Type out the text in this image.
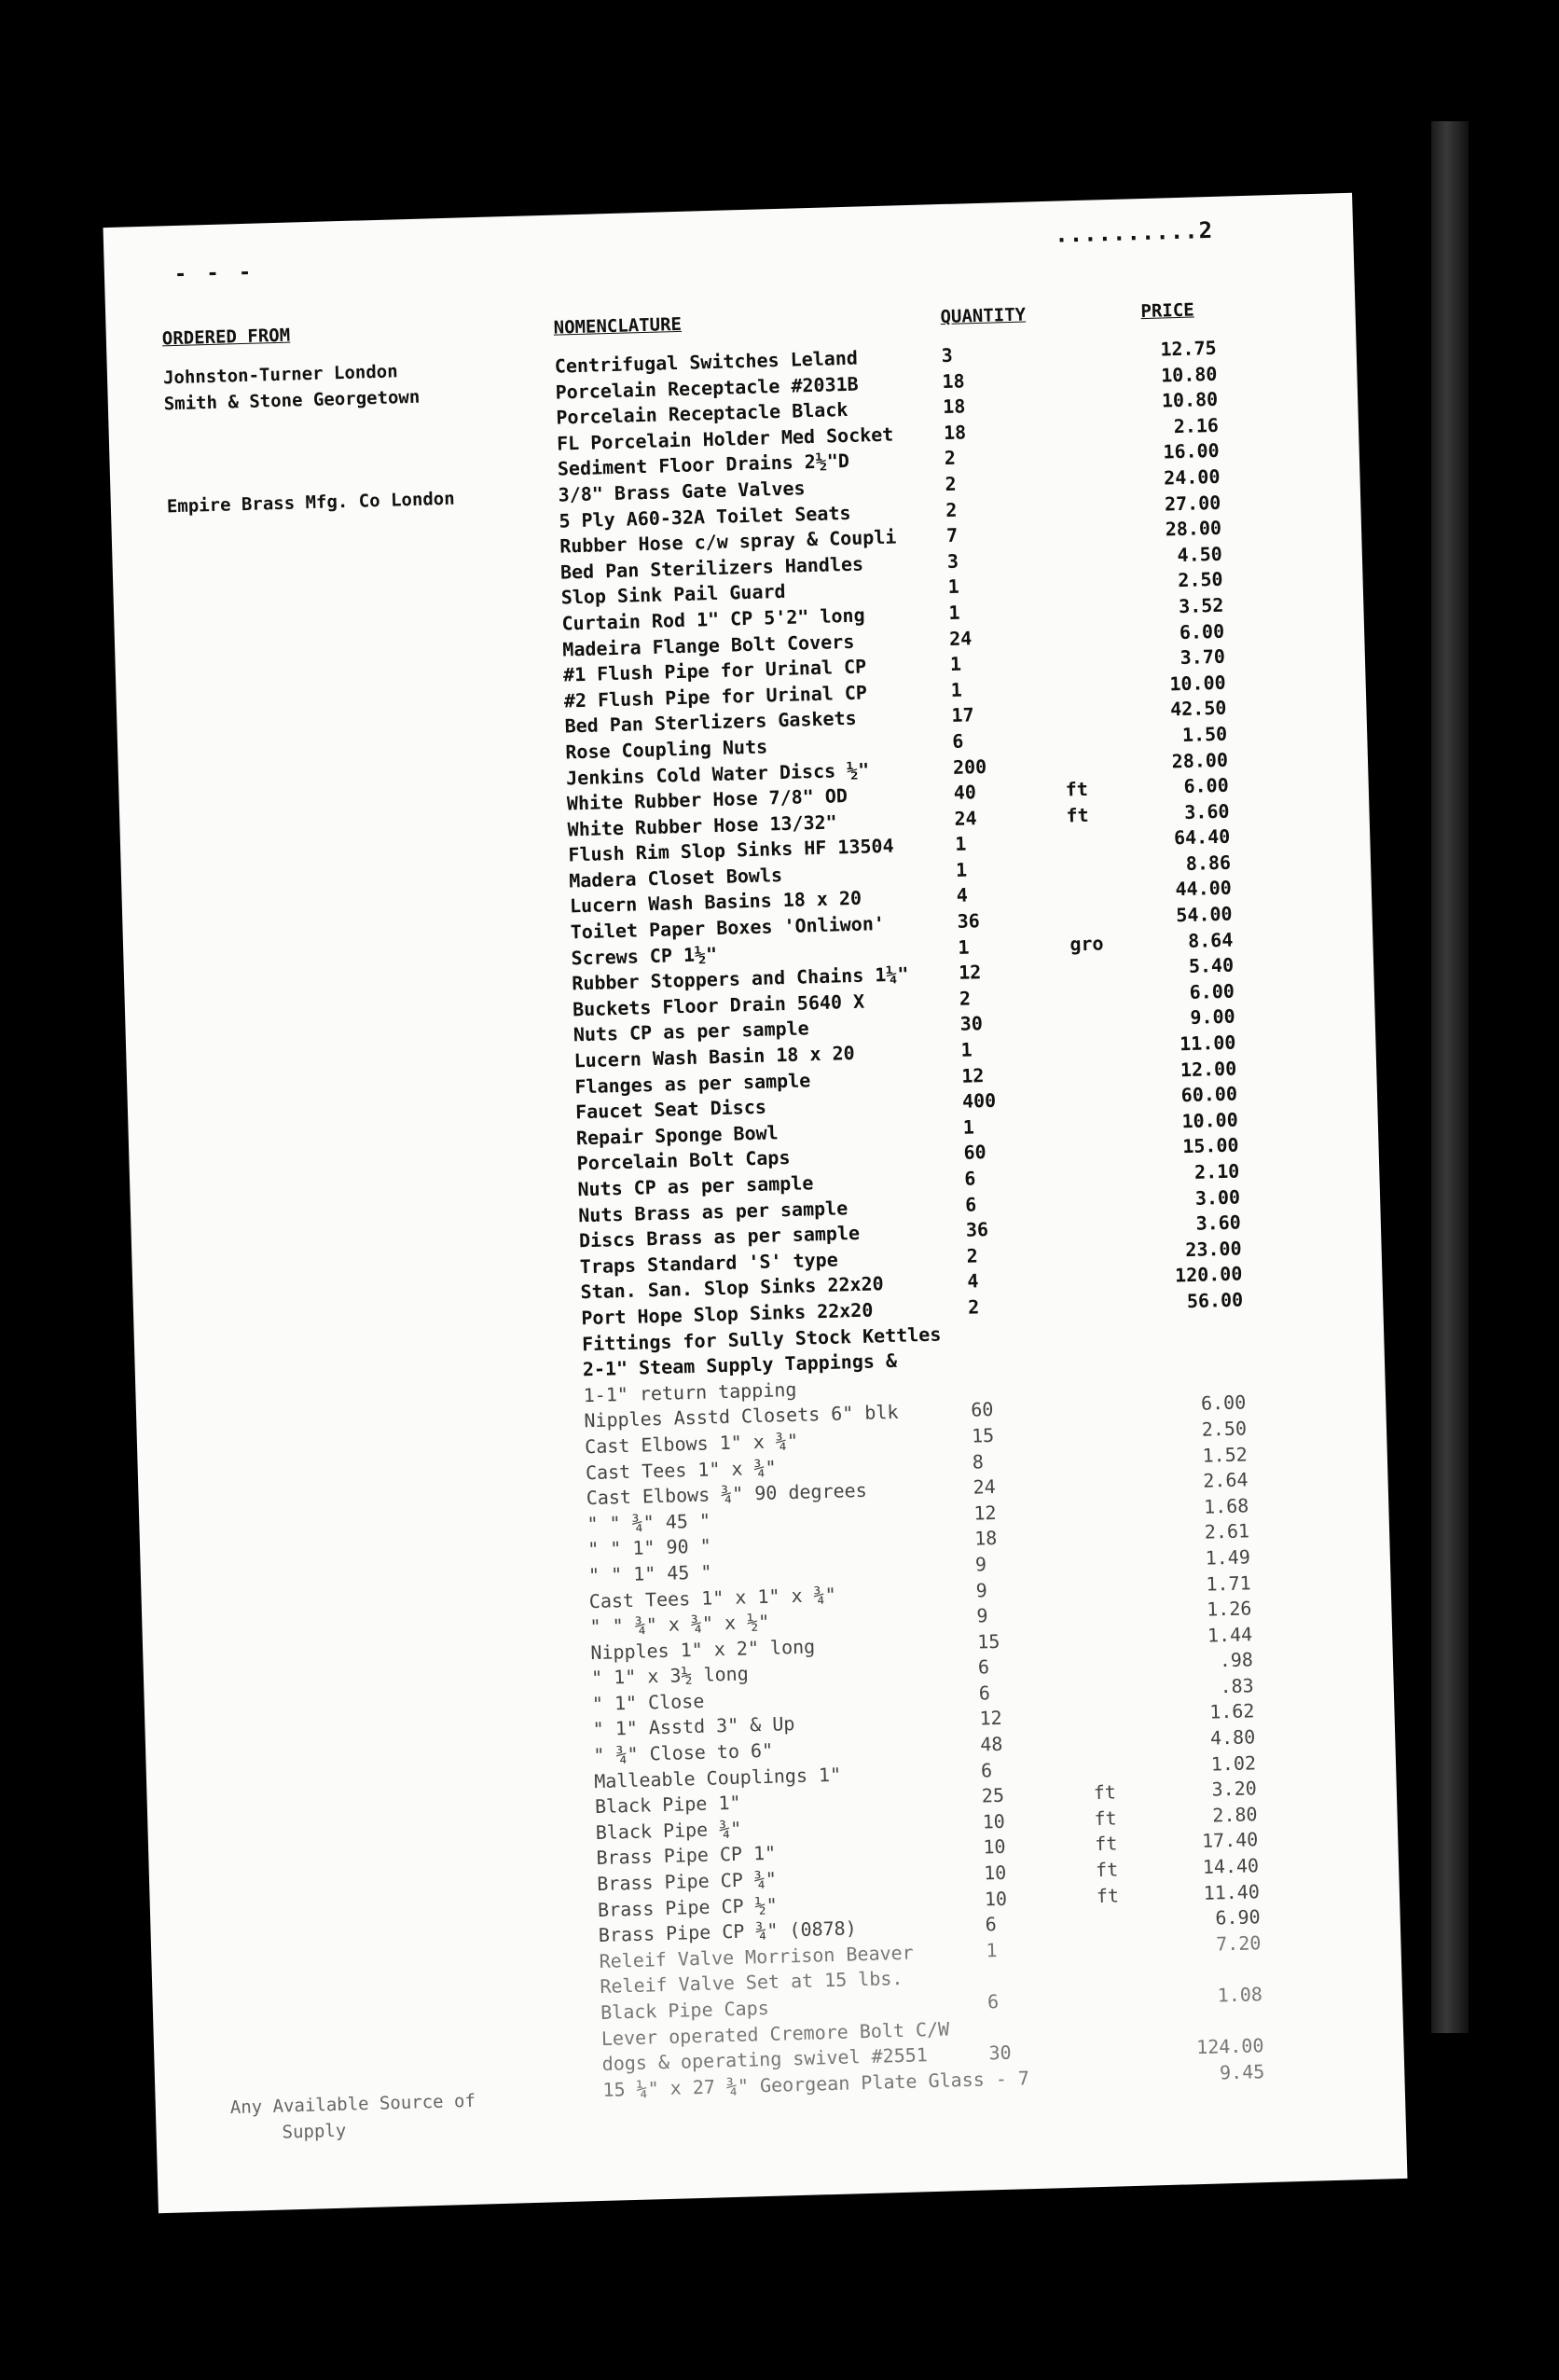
- - -
..........2
ORDERED FROM	NOMENCLATURE	QUANTITY	PRICE
Johnston-Turner London
Smith & Stone Georgetown
Empire Brass Mfg. Co London
Centrifugal Switches Leland	3	12.75
Porcelain Receptacle #2031B	18	10.80
Porcelain Receptacle Black	18	10.80
FL Porcelain Holder Med Socket	18	2.16
Sediment Floor Drains 2½"D	2	16.00
3/8" Brass Gate Valves	2	24.00
5 Ply A60-32A Toilet Seats	2	27.00
Rubber Hose c/w spray & Coupli	7	28.00
Bed Pan Sterilizers Handles	3	4.50
Slop Sink Pail Guard	1	2.50
Curtain Rod 1" CP 5'2" long	1	3.52
Madeira Flange Bolt Covers	24	6.00
#1 Flush Pipe for Urinal CP	1	3.70
#2 Flush Pipe for Urinal CP	1	10.00
Bed Pan Sterlizers Gaskets	17	42.50
Rose Coupling Nuts	6	1.50
Jenkins Cold Water Discs ½"	200	28.00
White Rubber Hose 7/8" OD	40	ft	6.00
White Rubber Hose 13/32"	24	ft	3.60
Flush Rim Slop Sinks HF 13504	1	64.40
Madera Closet Bowls	1	8.86
Lucern Wash Basins 18 x 20	4	44.00
Toilet Paper Boxes 'Onliwon'	36	54.00
Screws CP 1½"	1	gro	8.64
Rubber Stoppers and Chains 1¼"	12	5.40
Buckets Floor Drain 5640 X	2	6.00
Nuts CP as per sample	30	9.00
Lucern Wash Basin 18 x 20	1	11.00
Flanges as per sample	12	12.00
Faucet Seat Discs	400	60.00
Repair Sponge Bowl	1	10.00
Porcelain Bolt Caps	60	15.00
Nuts CP as per sample	6	2.10
Nuts Brass as per sample	6	3.00
Discs Brass as per sample	36	3.60
Traps Standard 'S' type	2	23.00
Stan. San. Slop Sinks 22x20	4	120.00
Port Hope Slop Sinks 22x20	2	56.00
Fittings for Sully Stock Kettles
2-1" Steam Supply Tappings &
1-1" return tapping
Nipples Asstd Closets 6" blk	60	6.00
Cast Elbows 1" x ¾"	15	2.50
Cast Tees 1" x ¾"	8	1.52
Cast Elbows ¾" 90 degrees	24	2.64
" " ¾" 45 "	12	1.68
" " 1" 90 "	18	2.61
" " 1" 45 "	9	1.49
Cast Tees 1" x 1" x ¾"	9	1.71
" " ¾" x ¾" x ½"	9	1.26
Nipples 1" x 2" long	15	1.44
" 1" x 3½ long	6	.98
" 1" Close	6	.83
" 1" Asstd 3" & Up	12	1.62
" ¾" Close to 6"	48	4.80
Malleable Couplings 1"	6	1.02
Black Pipe 1"	25	ft	3.20
Black Pipe ¾"	10	ft	2.80
Brass Pipe CP 1"	10	ft	17.40
Brass Pipe CP ¾"	10	ft	14.40
Brass Pipe CP ½"	10	ft	11.40
Brass Pipe CP ¾" (0878)	6	6.90
Releif Valve Morrison Beaver	1	7.20
Releif Valve Set at 15 lbs.
Black Pipe Caps	6	1.08
Lever operated Cremore Bolt C/W
dogs & operating swivel #2551	30	124.00
15 ¼" x 27 ¾" Georgean Plate Glass - 7	9.45
Any Available Source of
Supply
